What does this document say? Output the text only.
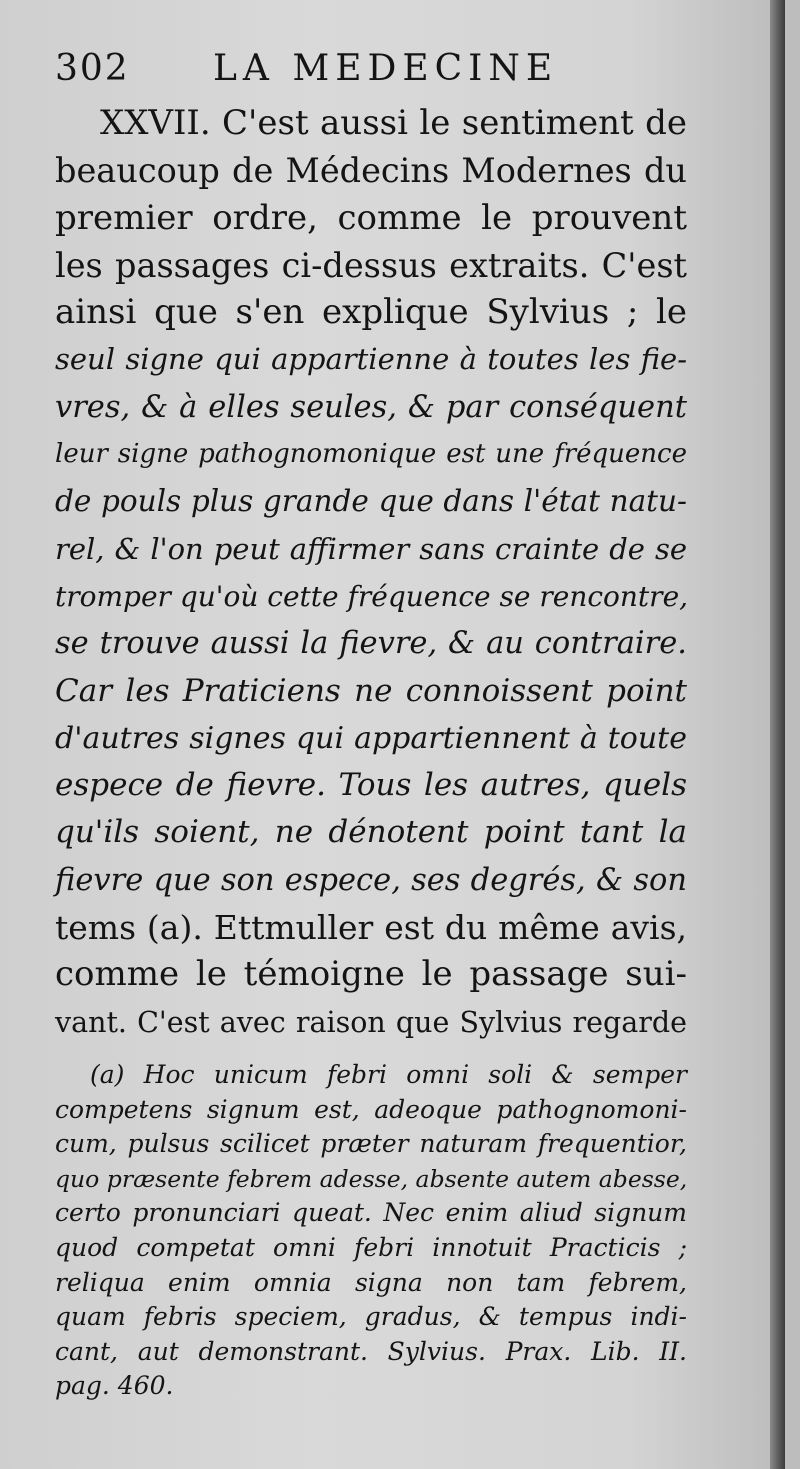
302 LA MEDECINE
XXVII. C'est aussi le sentiment de
beaucoup de Médecins Modernes du
premier ordre, comme le prouvent
les passages ci-dessus extraits. C'est
ainsi que s'en explique Sylvius ; le
seul signe qui appartienne à toutes les fie-
vres, & à elles seules, & par conséquent
leur signe pathognomonique est une fréquence
de pouls plus grande que dans l'état natu-
rel, & l'on peut affirmer sans crainte de se
tromper qu'où cette fréquence se rencontre,
se trouve aussi la fievre, & au contraire.
Car les Praticiens ne connoissent point
d'autres signes qui appartiennent à toute
espece de fievre. Tous les autres, quels
qu'ils soient, ne dénotent point tant la
fievre que son espece, ses degrés, & son
tems (a). Ettmuller est du même avis,
comme le témoigne le passage sui-
vant. C'est avec raison que Sylvius regarde
(a) Hoc unicum febri omni soli & semper
competens signum est, adeoque pathognomoni-
cum, pulsus scilicet præter naturam frequentior,
quo præsente febrem adesse, absente autem abesse,
certo pronunciari queat. Nec enim aliud signum
quod competat omni febri innotuit Practicis ;
reliqua enim omnia signa non tam febrem,
quam febris speciem, gradus, & tempus indi-
cant, aut demonstrant. Sylvius. Prax. Lib. II.
pag. 460.
